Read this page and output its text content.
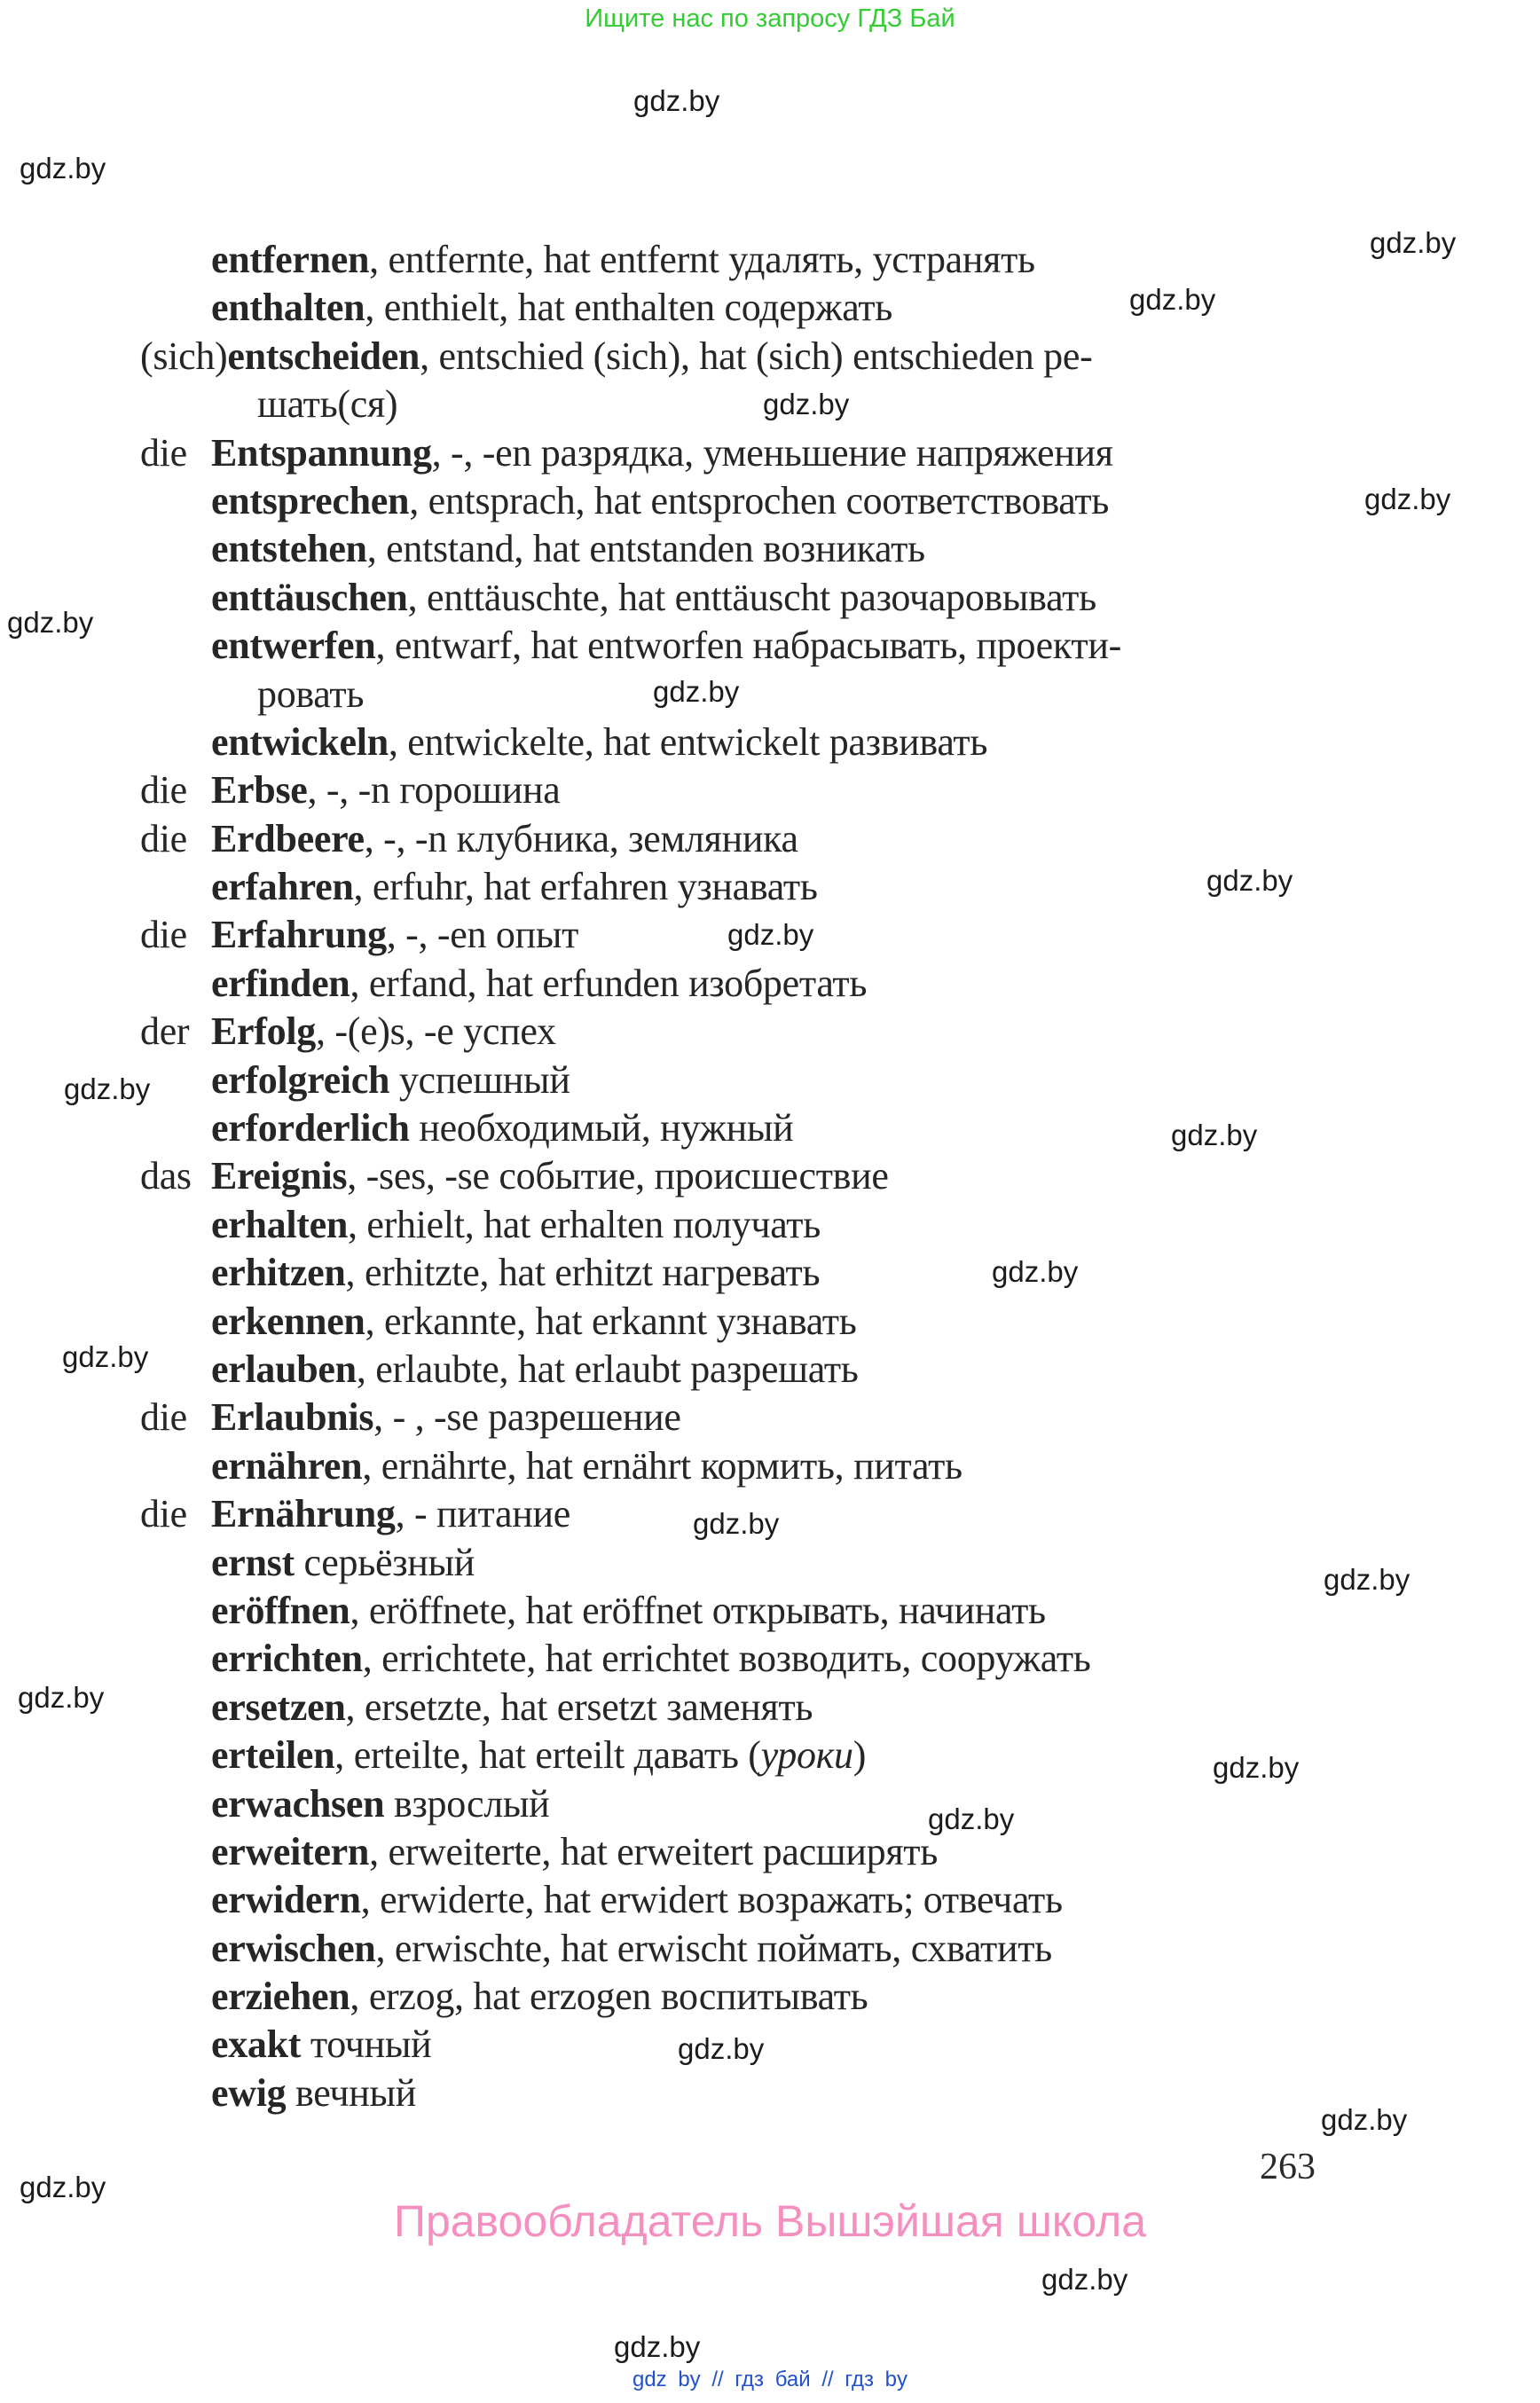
Ищите нас по запросу ГДЗ Бай
entfernen, entfernte, hat entfernt удалять, устранять
enthalten, enthielt, hat enthalten содержать
(sich)entscheiden, entschied (sich), hat (sich) entschieden ре-
шать(ся)
dieEntspannung, -, -en разрядка, уменьшение напряжения
entsprechen, entsprach, hat entsprochen соответствовать
entstehen, entstand, hat entstanden возникать
enttäuschen, enttäuschte, hat enttäuscht разочаровывать
entwerfen, entwarf, hat entworfen набрасывать, проекти-
ровать
entwickeln, entwickelte, hat entwickelt развивать
dieErbse, -, -n горошина
dieErdbeere, -, -n клубника, земляника
erfahren, erfuhr, hat erfahren узнавать
dieErfahrung, -, -en опыт
erfinden, erfand, hat erfunden изобретать
derErfolg, -(e)s, -e успех
erfolgreich успешный
erforderlich необходимый, нужный
dasEreignis, -ses, -se событие, происшествие
erhalten, erhielt, hat erhalten получать
erhitzen, erhitzte, hat erhitzt нагревать
erkennen, erkannte, hat erkannt узнавать
erlauben, erlaubte, hat erlaubt разрешать
dieErlaubnis, - , -se разрешение
ernähren, ernährte, hat ernährt кормить, питать
dieErnährung, - питание
ernst серьёзный
eröffnen, eröffnete, hat eröffnet открывать, начинать
errichten, errichtete, hat errichtet возводить, сооружать
ersetzen, ersetzte, hat ersetzt заменять
erteilen, erteilte, hat erteilt давать (уроки)
erwachsen взрослый
erweitern, erweiterte, hat erweitert расширять
erwidern, erwiderte, hat erwidert возражать; отвечать
erwischen, erwischte, hat erwischt поймать, схватить
erziehen, erzog, hat erzogen воспитывать
exakt точный
ewig вечный
263
Правообладатель Вышэйшая школа
gdz by // гдз бай // гдз by
gdz.by
gdz.by
gdz.by
gdz.by
gdz.by
gdz.by
gdz.by
gdz.by
gdz.by
gdz.by
gdz.by
gdz.by
gdz.by
gdz.by
gdz.by
gdz.by
gdz.by
gdz.by
gdz.by
gdz.by
gdz.by
gdz.by
gdz.by
gdz.by
